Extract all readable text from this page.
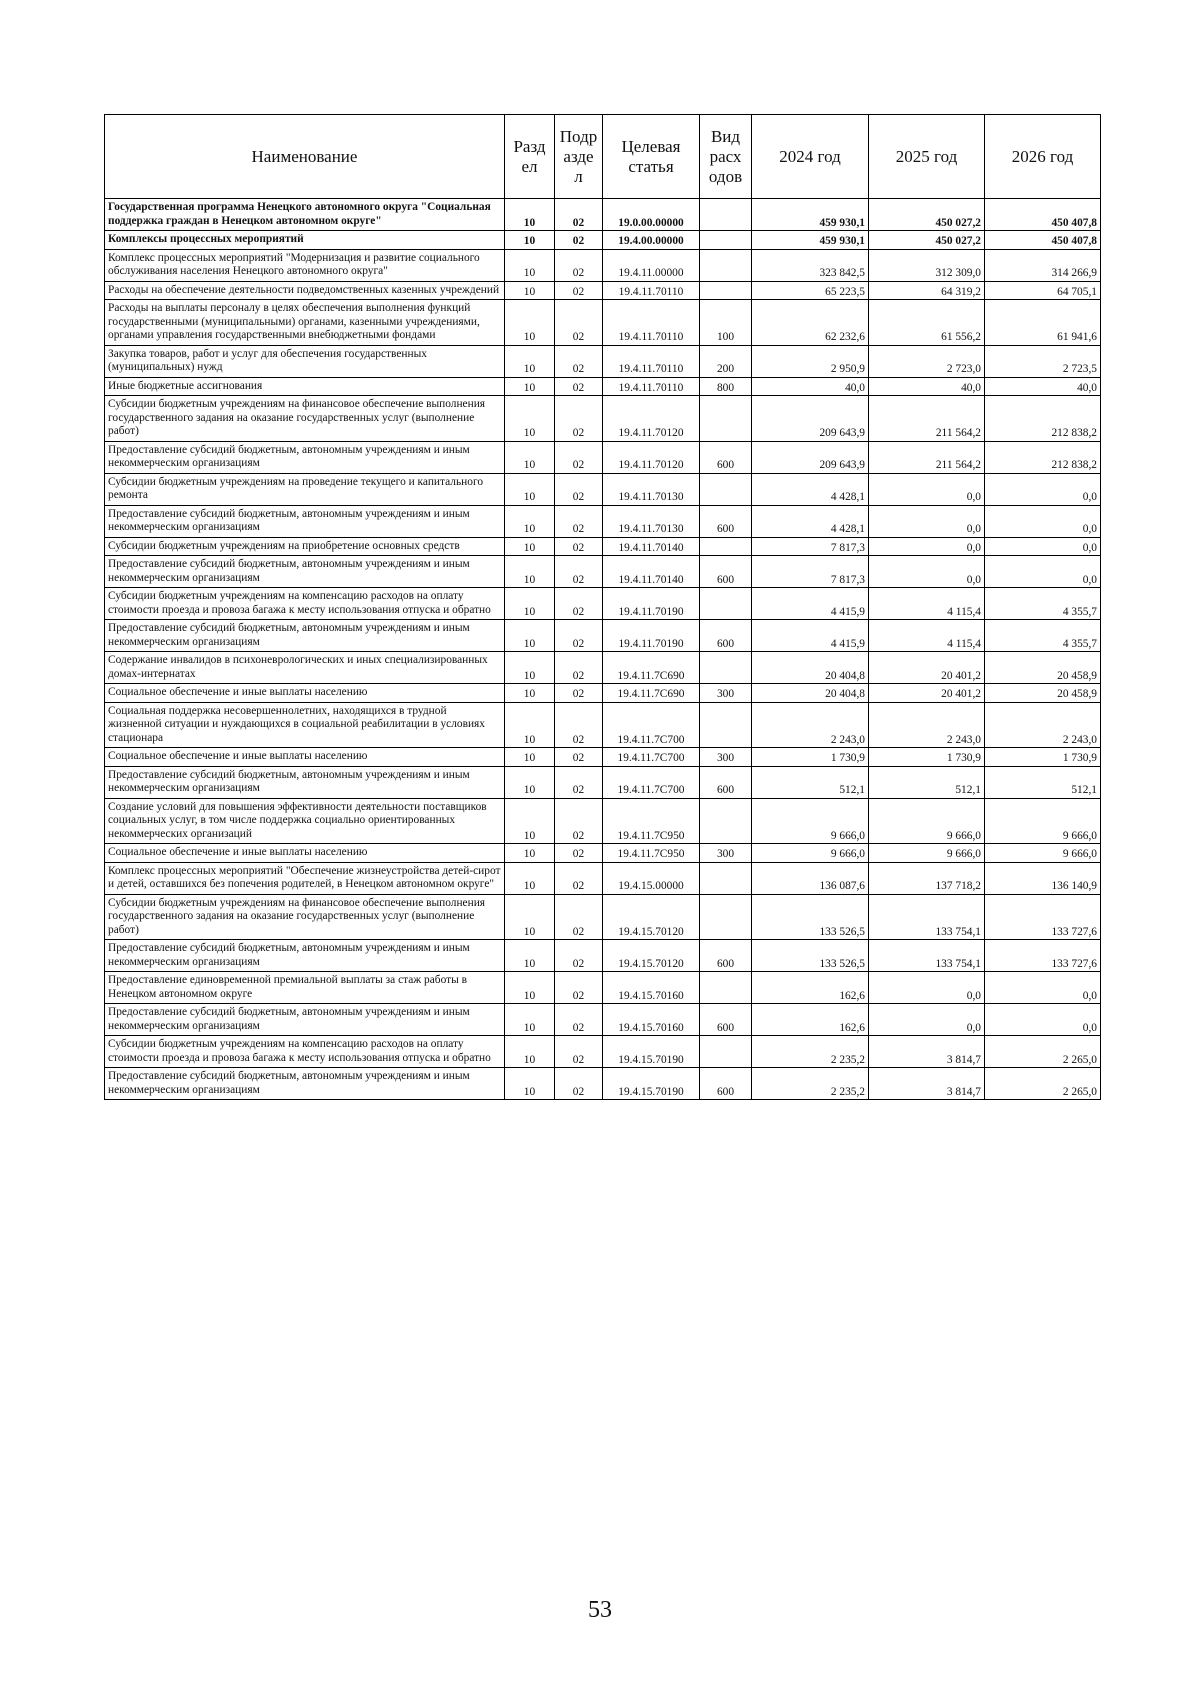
Наименование	Разд ел	Подр азде л	Целевая статья	Вид расх одов	2024 год	2025 год	2026 год
Государственная программа Ненецкого автономного округа "Социальная поддержка граждан в Ненецком автономном округе"	10	02	19.0.00.00000		459 930,1	450 027,2	450 407,8
Комплексы процессных мероприятий	10	02	19.4.00.00000		459 930,1	450 027,2	450 407,8
Комплекс процессных мероприятий "Модернизация и развитие социального обслуживания населения Ненецкого автономного округа"	10	02	19.4.11.00000		323 842,5	312 309,0	314 266,9
Расходы на обеспечение деятельности подведомственных казенных учреждений	10	02	19.4.11.70110		65 223,5	64 319,2	64 705,1
Расходы на выплаты персоналу в целях обеспечения выполнения функций государственными (муниципальными) органами, казенными учреждениями, органами управления государственными внебюджетными фондами	10	02	19.4.11.70110	100	62 232,6	61 556,2	61 941,6
Закупка товаров, работ и услуг для обеспечения государственных (муниципальных) нужд	10	02	19.4.11.70110	200	2 950,9	2 723,0	2 723,5
Иные бюджетные ассигнования	10	02	19.4.11.70110	800	40,0	40,0	40,0
Субсидии бюджетным учреждениям на финансовое обеспечение выполнения государственного задания на оказание государственных услуг (выполнение работ)	10	02	19.4.11.70120		209 643,9	211 564,2	212 838,2
Предоставление субсидий бюджетным, автономным учреждениям и иным некоммерческим организациям	10	02	19.4.11.70120	600	209 643,9	211 564,2	212 838,2
Субсидии бюджетным учреждениям на проведение текущего и капитального ремонта	10	02	19.4.11.70130		4 428,1	0,0	0,0
Предоставление субсидий бюджетным, автономным учреждениям и иным некоммерческим организациям	10	02	19.4.11.70130	600	4 428,1	0,0	0,0
Субсидии бюджетным учреждениям на приобретение основных средств	10	02	19.4.11.70140		7 817,3	0,0	0,0
Предоставление субсидий бюджетным, автономным учреждениям и иным некоммерческим организациям	10	02	19.4.11.70140	600	7 817,3	0,0	0,0
Субсидии бюджетным учреждениям на компенсацию расходов на оплату стоимости проезда и провоза багажа к месту использования отпуска и обратно	10	02	19.4.11.70190		4 415,9	4 115,4	4 355,7
Предоставление субсидий бюджетным, автономным учреждениям и иным некоммерческим организациям	10	02	19.4.11.70190	600	4 415,9	4 115,4	4 355,7
Содержание инвалидов в психоневрологических и иных специализированных домах-интернатах	10	02	19.4.11.7С690		20 404,8	20 401,2	20 458,9
Социальное обеспечение и иные выплаты населению	10	02	19.4.11.7С690	300	20 404,8	20 401,2	20 458,9
Социальная поддержка несовершеннолетних, находящихся в трудной жизненной ситуации и нуждающихся в социальной реабилитации в условиях стационара	10	02	19.4.11.7С700		2 243,0	2 243,0	2 243,0
Социальное обеспечение и иные выплаты населению	10	02	19.4.11.7С700	300	1 730,9	1 730,9	1 730,9
Предоставление субсидий бюджетным, автономным учреждениям и иным некоммерческим организациям	10	02	19.4.11.7С700	600	512,1	512,1	512,1
Создание условий для повышения эффективности деятельности поставщиков социальных услуг, в том числе поддержка социально ориентированных некоммерческих организаций	10	02	19.4.11.7С950		9 666,0	9 666,0	9 666,0
Социальное обеспечение и иные выплаты населению	10	02	19.4.11.7С950	300	9 666,0	9 666,0	9 666,0
Комплекс процессных мероприятий "Обеспечение жизнеустройства детей-сирот и детей, оставшихся без попечения родителей, в Ненецком автономном округе"	10	02	19.4.15.00000		136 087,6	137 718,2	136 140,9
Субсидии бюджетным учреждениям на финансовое обеспечение выполнения государственного задания на оказание государственных услуг (выполнение работ)	10	02	19.4.15.70120		133 526,5	133 754,1	133 727,6
Предоставление субсидий бюджетным, автономным учреждениям и иным некоммерческим организациям	10	02	19.4.15.70120	600	133 526,5	133 754,1	133 727,6
Предоставление единовременной премиальной выплаты за стаж работы в Ненецком автономном округе	10	02	19.4.15.70160		162,6	0,0	0,0
Предоставление субсидий бюджетным, автономным учреждениям и иным некоммерческим организациям	10	02	19.4.15.70160	600	162,6	0,0	0,0
Субсидии бюджетным учреждениям на компенсацию расходов на оплату стоимости проезда и провоза багажа к месту использования отпуска и обратно	10	02	19.4.15.70190		2 235,2	3 814,7	2 265,0
Предоставление субсидий бюджетным, автономным учреждениям и иным некоммерческим организациям	10	02	19.4.15.70190	600	2 235,2	3 814,7	2 265,0
53
